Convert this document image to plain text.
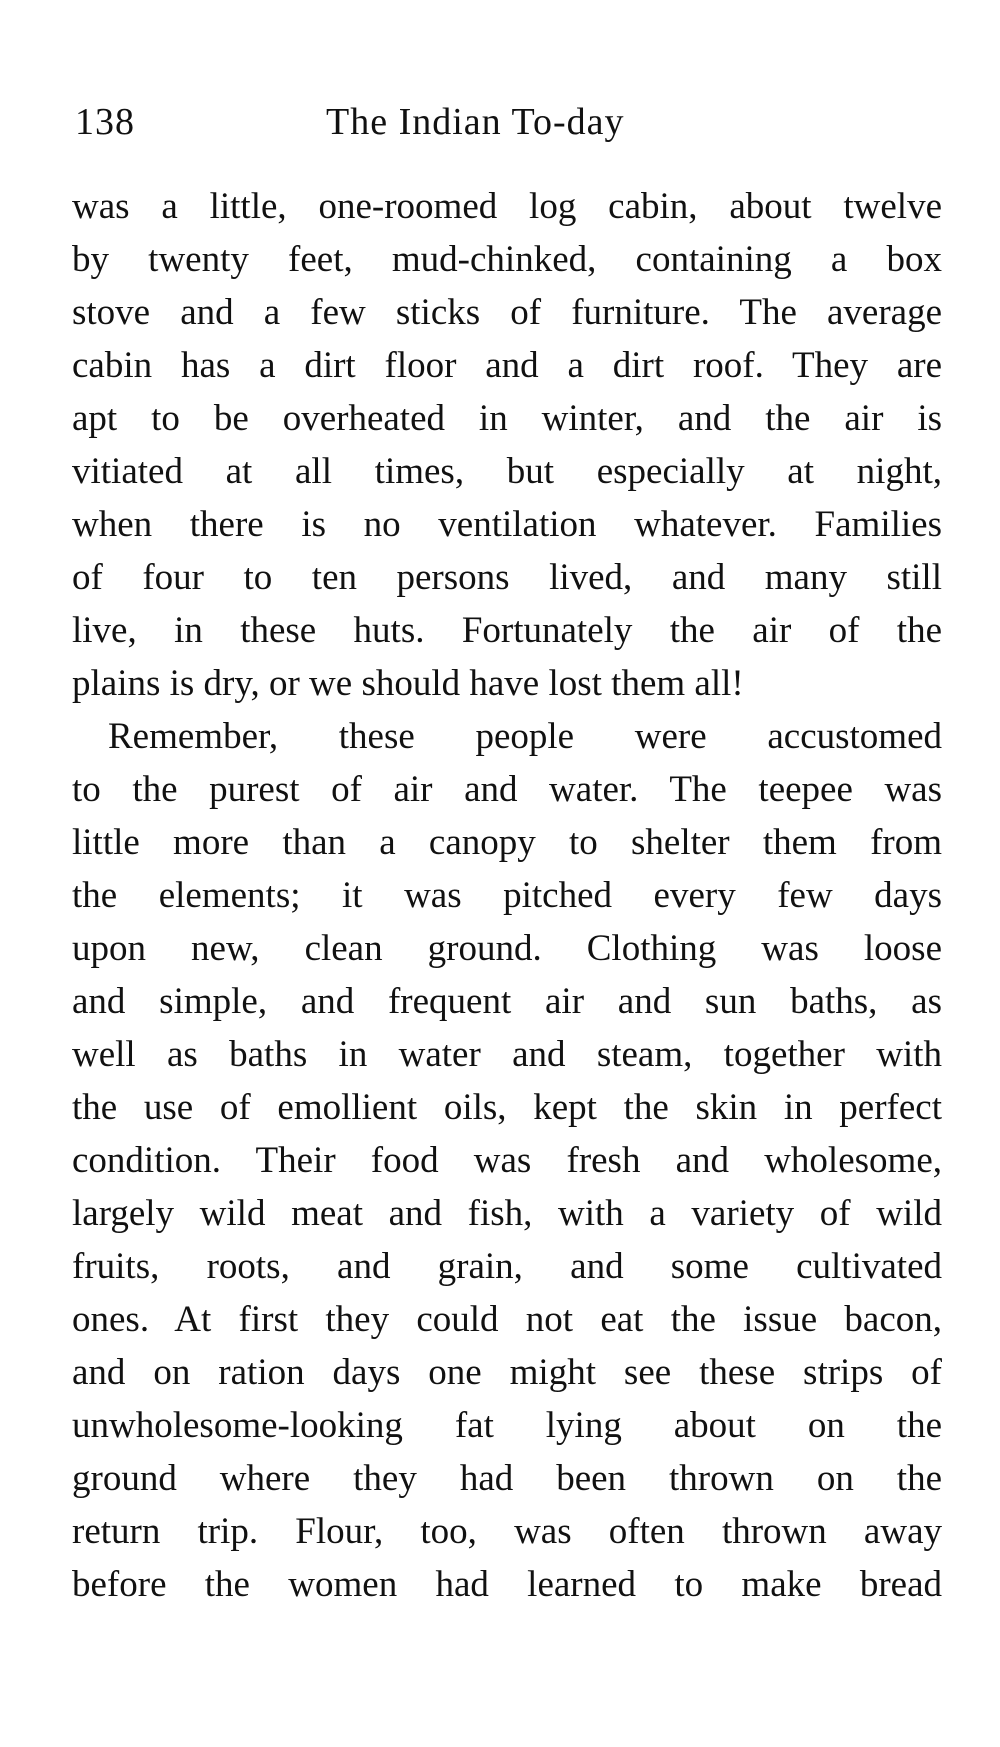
138	The Indian To-day
was a little, one-roomed log cabin, about twelve
by twenty feet, mud-chinked, containing a box
stove and a few sticks of furniture. The average
cabin has a dirt floor and a dirt roof. They are
apt to be overheated in winter, and the air is
vitiated at all times, but especially at night,
when there is no ventilation whatever. Families
of four to ten persons lived, and many still
live, in these huts. Fortunately the air of the
plains is dry, or we should have lost them all!
Remember, these people were accustomed
to the purest of air and water. The teepee was
little more than a canopy to shelter them from
the elements; it was pitched every few days
upon new, clean ground. Clothing was loose
and simple, and frequent air and sun baths, as
well as baths in water and steam, together with
the use of emollient oils, kept the skin in perfect
condition. Their food was fresh and wholesome,
largely wild meat and fish, with a variety of wild
fruits, roots, and grain, and some cultivated
ones. At first they could not eat the issue bacon,
and on ration days one might see these strips of
unwholesome-looking fat lying about on the
ground where they had been thrown on the
return trip. Flour, too, was often thrown away
before the women had learned to make bread
